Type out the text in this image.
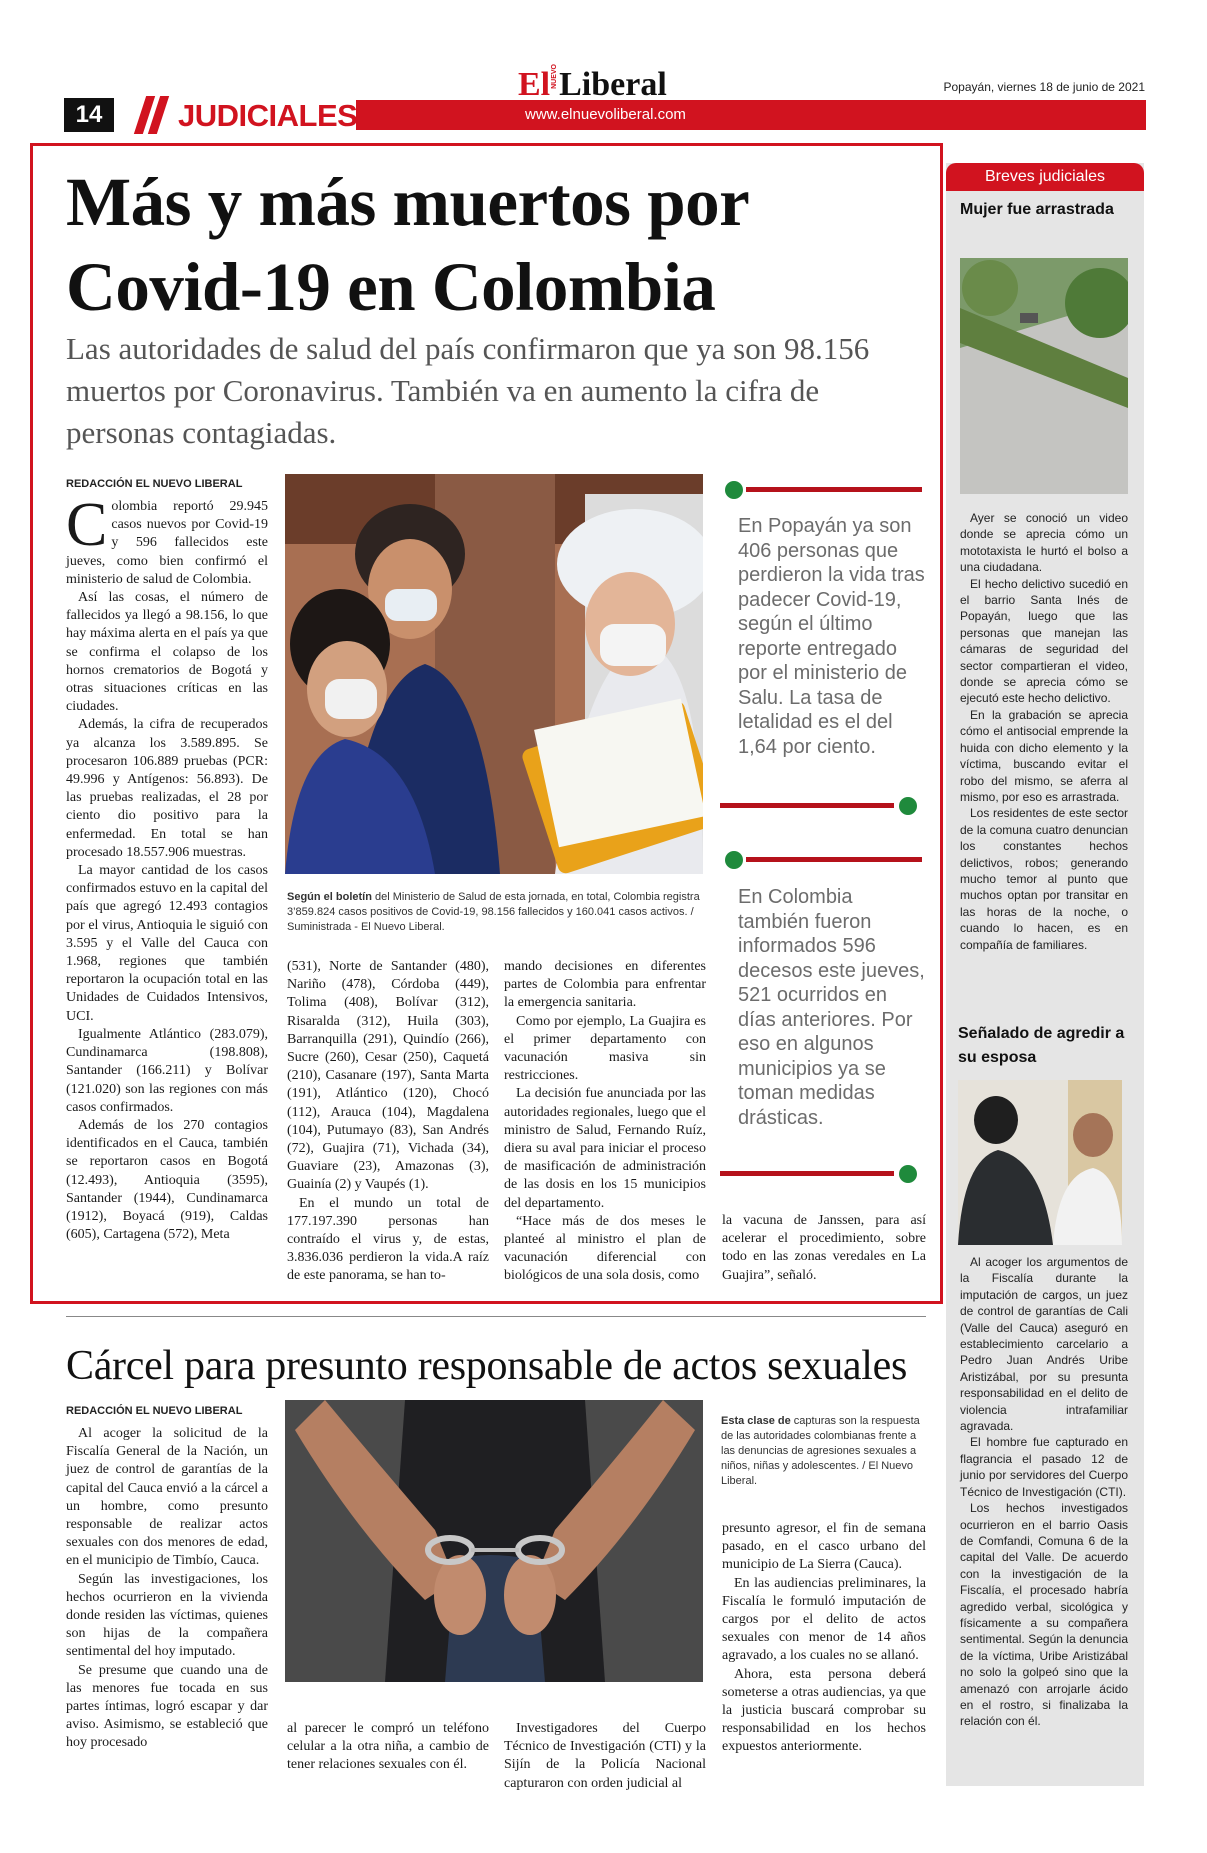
14	JUDICIALES
ElNUEVOLiberal
www.elnuevoliberal.com
Popayán, viernes 18 de junio de 2021
Más y más muertos por
Covid-19 en Colombia
Las autoridades de salud del país confirmaron que ya son 98.156 muertos por Coronavirus. También va en aumento la cifra de personas contagiadas.
REDACCIÓN EL NUEVO LIBERAL

Colombia reportó 29.945 casos nuevos por Covid-19 y 596 fallecidos este jueves, como bien confirmó el ministerio de salud de Colombia.

Así las cosas, el número de fallecidos ya llegó a 98.156, lo que hay máxima alerta en el país ya que se confirma el colapso de los hornos crematorios de Bogotá y otras situaciones críticas en las ciudades.

Además, la cifra de recuperados ya alcanza los 3.589.895. Se procesaron 106.889 pruebas (PCR: 49.996 y Antígenos: 56.893). De las pruebas realizadas, el 28 por ciento dio positivo para la enfermedad. En total se han procesado 18.557.906 muestras.

La mayor cantidad de los casos confirmados estuvo en la capital del país que agregó 12.493 contagios por el virus, Antioquia le siguió con 3.595 y el Valle del Cauca con 1.968, regiones que también reportaron la ocupación total en las Unidades de Cuidados Intensivos, UCI.

Igualmente Atlántico (283.079), Cundinamarca (198.808), Santander (166.211) y Bolívar (121.020) son las regiones con más casos confirmados.

Además de los 270 contagios identificados en el Cauca, también se reportaron casos en Bogotá (12.493), Antioquia (3595), Santander (1944), Cundinamarca (1912), Boyacá (919), Caldas (605), Cartagena (572), Meta

Según el boletín del Ministerio de Salud de esta jornada, en total, Colombia registra 3’859.824 casos positivos de Covid-19, 98.156 fallecidos y 160.041 casos activos. / Suministrada - El Nuevo Liberal.

(531), Norte de Santander (480), Nariño (478), Córdoba (449), Tolima (408), Bolívar (312), Risaralda (312), Huila (303), Barranquilla (291), Quindío (266), Sucre (260), Cesar (250), Caquetá (210), Casanare (197), Santa Marta (191), Atlántico (120), Chocó (112), Arauca (104), Magdalena (104), Putumayo (83), San Andrés (72), Guajira (71), Vichada (34), Guaviare (23), Amazonas (3), Guainía (2) y Vaupés (1).

En el mundo un total de 177.197.390 personas han contraído el virus y, de estas, 3.836.036 perdieron la vida.A raíz de este panorama, se han to-

mando decisiones en diferentes partes de Colombia para enfrentar la emergencia sanitaria.

Como por ejemplo, La Guajira es el primer departamento con vacunación masiva sin restricciones.

La decisión fue anunciada por las autoridades regionales, luego que el ministro de Salud, Fernando Ruíz, diera su aval para iniciar el proceso de masificación de administración de las dosis en los 15 municipios del departamento.

“Hace más de dos meses le planteé al ministro el plan de vacunación diferencial con biológicos de una sola dosis, como

la vacuna de Janssen, para así acelerar el procedimiento, sobre todo en las zonas veredales en La Guajira”, señaló.

En Popayán ya son 406 personas que perdieron la vida tras padecer Covid-19, según el último reporte entregado por el ministerio de Salu. La tasa de letalidad es el del 1,64 por ciento.
En Colombia también fueron informados 596 decesos este jueves, 521 ocurridos en días anteriores. Por eso en algunos municipios ya se toman medidas drásticas.
Cárcel para presunto responsable de actos sexuales
REDACCIÓN EL NUEVO LIBERAL

Al acoger la solicitud de la Fiscalía General de la Nación, un juez de control de garantías de la capital del Cauca envió a la cárcel a un hombre, como presunto responsable de realizar actos sexuales con dos menores de edad, en el municipio de Timbío, Cauca.

Según las investigaciones, los hechos ocurrieron en la vivienda donde residen las víctimas, quienes son hijas de la compañera sentimental del hoy imputado.

Se presume que cuando una de las menores fue tocada en sus partes íntimas, logró escapar y dar aviso. Asimismo, se estableció que hoy procesado

Esta clase de capturas son la respuesta de las autoridades colombianas frente a las denuncias de agresiones sexuales a niños, niñas y adolescentes. / El Nuevo Liberal.

al parecer le compró un teléfono celular a la otra niña, a cambio de tener relaciones sexuales con él.

Investigadores del Cuerpo Técnico de Investigación (CTI) y la Sijín de la Policía Nacional capturaron con orden judicial al

presunto agresor, el fin de semana pasado, en el casco urbano del municipio de La Sierra (Cauca).

En las audiencias preliminares, la Fiscalía le formuló imputación de cargos por el delito de actos sexuales con menor de 14 años agravado, a los cuales no se allanó.

Ahora, esta persona deberá someterse a otras audiencias, ya que la justicia buscará comprobar su responsabilidad en los hechos expuestos anteriormente.

Breves judiciales
Mujer fue arrastrada

Ayer se conoció un video donde se aprecia cómo un mototaxista le hurtó el bolso a una ciudadana.

El hecho delictivo sucedió en el barrio Santa Inés de Popayán, luego que las personas que manejan las cámaras de seguridad del sector compartieran el video, donde se aprecia cómo se ejecutó este hecho delictivo.

En la grabación se aprecia cómo el antisocial emprende la huida con dicho elemento y la víctima, buscando evitar el robo del mismo, se aferra al mismo, por eso es arrastrada.

Los residentes de este sector de la comuna cuatro denuncian los constantes hechos delictivos, robos; generando mucho temor al punto que muchos optan por transitar en las horas de la noche, o cuando lo hacen, es en compañía de familiares.

Señalado de agredir a su esposa

Al acoger los argumentos de la Fiscalía durante la imputación de cargos, un juez de control de garantías de Cali (Valle del Cauca) aseguró en establecimiento carcelario a Pedro Juan Andrés Uribe Aristizábal, por su presunta responsabilidad en el delito de violencia intrafamiliar agravada.

El hombre fue capturado en flagrancia el pasado 12 de junio por servidores del Cuerpo Técnico de Investigación (CTI).

Los hechos investigados ocurrieron en el barrio Oasis de Comfandi, Comuna 6 de la capital del Valle. De acuerdo con la investigación de la Fiscalía, el procesado habría agredido verbal, sicológica y físicamente a su compañera sentimental. Según la denuncia de la víctima, Uribe Aristizábal no solo la golpeó sino que la amenazó con arrojarle ácido en el rostro, si finalizaba la relación con él.
